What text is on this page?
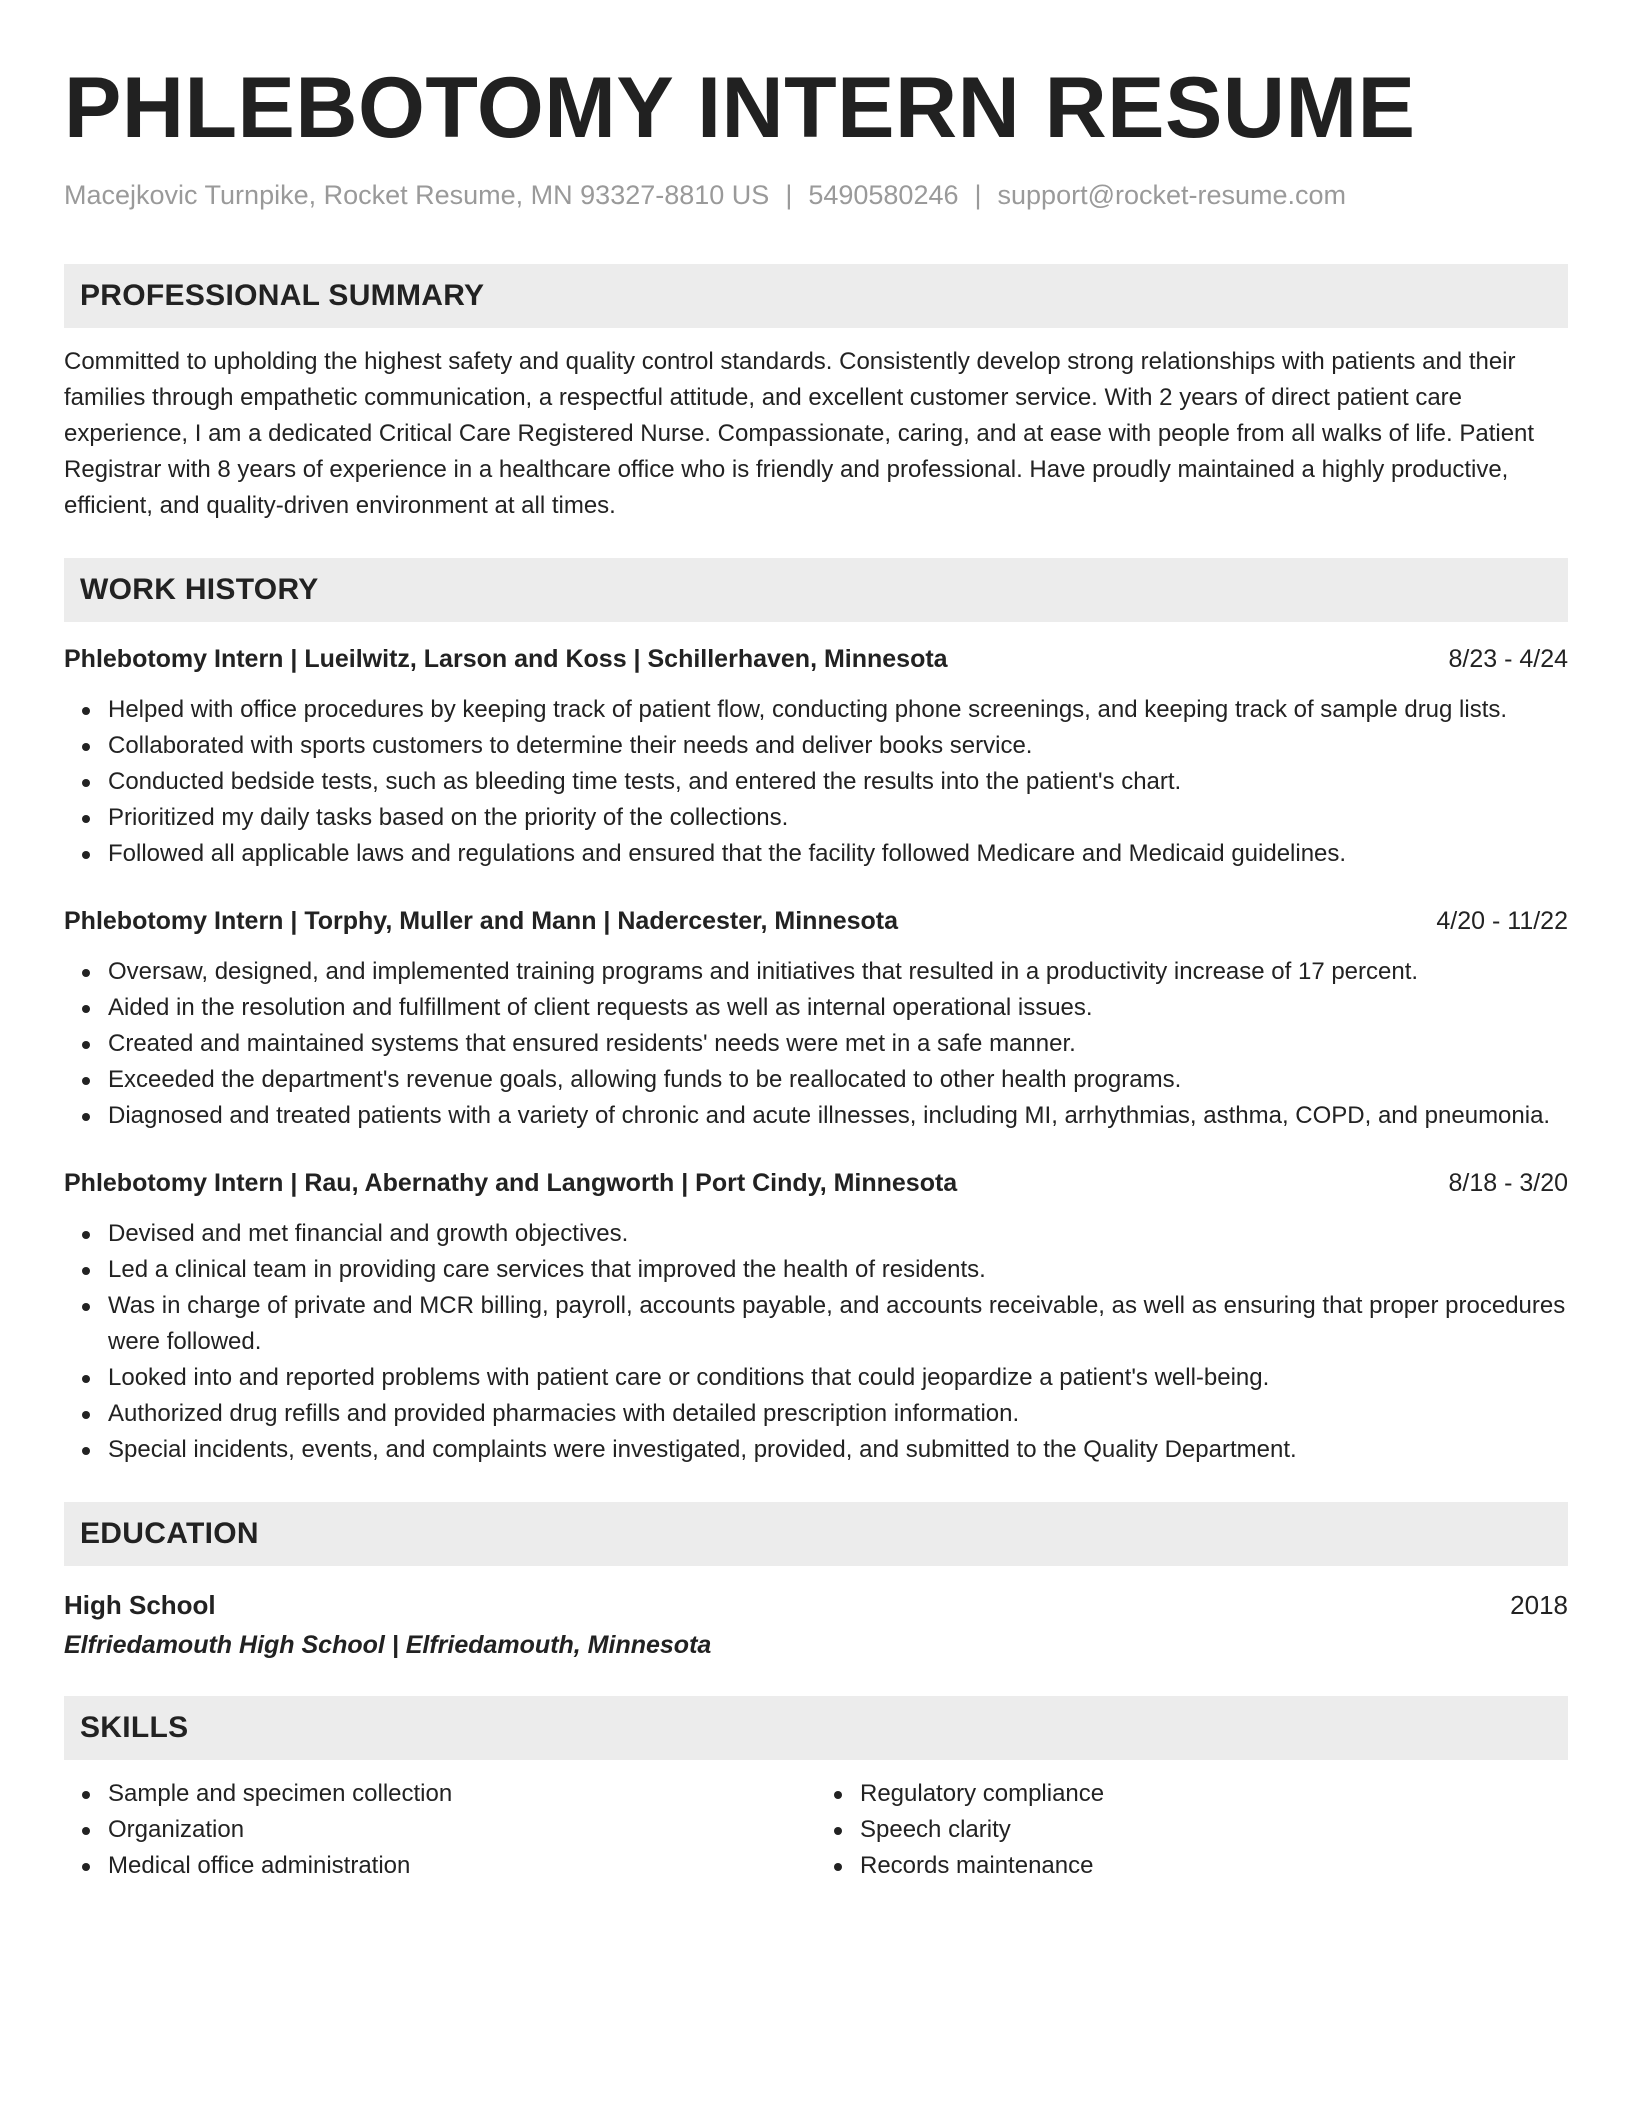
PHLEBOTOMY INTERN RESUME
Macejkovic Turnpike, Rocket Resume, MN 93327-8810 US | 5490580246 | support@rocket-resume.com
PROFESSIONAL SUMMARY
Committed to upholding the highest safety and quality control standards. Consistently develop strong relationships with patients and their families through empathetic communication, a respectful attitude, and excellent customer service. With 2 years of direct patient care experience, I am a dedicated Critical Care Registered Nurse. Compassionate, caring, and at ease with people from all walks of life. Patient Registrar with 8 years of experience in a healthcare office who is friendly and professional. Have proudly maintained a highly productive, efficient, and quality-driven environment at all times.
WORK HISTORY
Phlebotomy Intern | Lueilwitz, Larson and Koss | Schillerhaven, Minnesota	8/23 - 4/24
Helped with office procedures by keeping track of patient flow, conducting phone screenings, and keeping track of sample drug lists.
Collaborated with sports customers to determine their needs and deliver books service.
Conducted bedside tests, such as bleeding time tests, and entered the results into the patient's chart.
Prioritized my daily tasks based on the priority of the collections.
Followed all applicable laws and regulations and ensured that the facility followed Medicare and Medicaid guidelines.
Phlebotomy Intern | Torphy, Muller and Mann | Nadercester, Minnesota	4/20 - 11/22
Oversaw, designed, and implemented training programs and initiatives that resulted in a productivity increase of 17 percent.
Aided in the resolution and fulfillment of client requests as well as internal operational issues.
Created and maintained systems that ensured residents' needs were met in a safe manner.
Exceeded the department's revenue goals, allowing funds to be reallocated to other health programs.
Diagnosed and treated patients with a variety of chronic and acute illnesses, including MI, arrhythmias, asthma, COPD, and pneumonia.
Phlebotomy Intern | Rau, Abernathy and Langworth | Port Cindy, Minnesota	8/18 - 3/20
Devised and met financial and growth objectives.
Led a clinical team in providing care services that improved the health of residents.
Was in charge of private and MCR billing, payroll, accounts payable, and accounts receivable, as well as ensuring that proper procedures were followed.
Looked into and reported problems with patient care or conditions that could jeopardize a patient's well-being.
Authorized drug refills and provided pharmacies with detailed prescription information.
Special incidents, events, and complaints were investigated, provided, and submitted to the Quality Department.
EDUCATION
High School	2018
Elfriedamouth High School | Elfriedamouth, Minnesota
SKILLS
Sample and specimen collection
Organization
Medical office administration
Regulatory compliance
Speech clarity
Records maintenance
